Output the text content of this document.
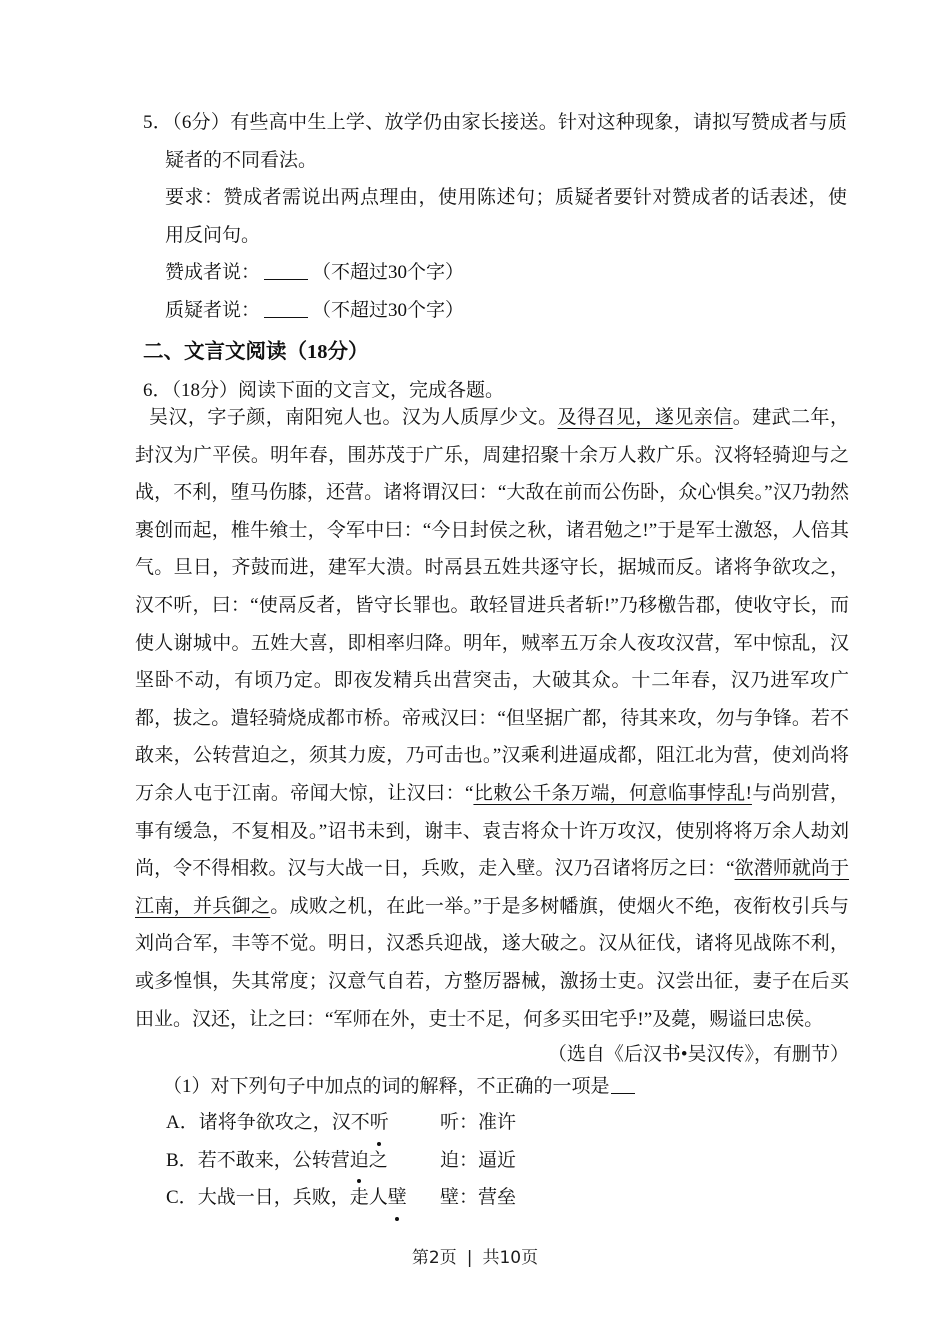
5．（6分）有些高中生上学、放学仍由家长接送。针对这种现象，请拟写赞成者与质疑者的不同看法。
要求：赞成者需说出两点理由，使用陈述句；质疑者要针对赞成者的话表述，使用反问句。
赞成者说：	（不超过30个字）
质疑者说：	（不超过30个字）
二、文言文阅读（18分）
6．（18分）阅读下面的文言文，完成各题。
吴汉，字子颜，南阳宛人也。汉为人质厚少文。及得召见，遂见亲信。建武二年，封汉为广平侯。明年春，围苏茂于广乐，周建招聚十余万人救广乐。汉将轻骑迎与之战，不利，堕马伤膝，还营。诸将谓汉曰：“大敌在前而公伤卧，众心惧矣。”汉乃勃然裹创而起，椎牛飨士，令军中曰：“今日封侯之秋，诸君勉之!”于是军士激怒，人倍其气。旦日，齐鼓而进，建军大溃。时鬲县五姓共逐守长，据城而反。诸将争欲攻之，汉不听，曰：“使鬲反者，皆守长罪也。敢轻冒进兵者斩!”乃移檄告郡，使收守长，而使人谢城中。五姓大喜，即相率归降。明年，贼率五万余人夜攻汉营，军中惊乱，汉坚卧不动，有顷乃定。即夜发精兵出营突击，大破其众。十二年春，汉乃进军攻广都，拔之。遣轻骑烧成都市桥。帝戒汉曰：“但坚据广都，待其来攻，勿与争锋。若不敢来，公转营迫之，须其力废，乃可击也。”汉乘利进逼成都，阻江北为营，使刘尚将万余人屯于江南。帝闻大惊，让汉曰：“比敕公千条万端，何意临事悖乱!与尚别营，事有缓急，不复相及。”诏书未到，谢丰、袁吉将众十许万攻汉，使别将将万余人劫刘尚，令不得相救。汉与大战一日，兵败，走入壁。汉乃召诸将厉之曰：“欲潜师就尚于江南，并兵御之。成败之机，在此一举。”于是多树幡旗，使烟火不绝，夜衔枚引兵与刘尚合军，丰等不觉。明日，汉悉兵迎战，遂大破之。汉从征伐，诸将见战陈不利，或多惶惧，失其常度；汉意气自若，方整厉器械，激扬士吏。汉尝出征，妻子在后买田业。汉还，让之曰：“军师在外，吏士不足，何多买田宅乎!”及薨，赐谥曰忠侯。
（选自《后汉书•吴汉传》，有删节）
（1）对下列句子中加点的词的解释，不正确的一项是
A．诸将争欲攻之，汉不听	听：准许
B．若不敢来，公转营迫之	迫：逼近
C．大战一日，兵败，走人壁 壁：营垒
第2页 | 共10页
